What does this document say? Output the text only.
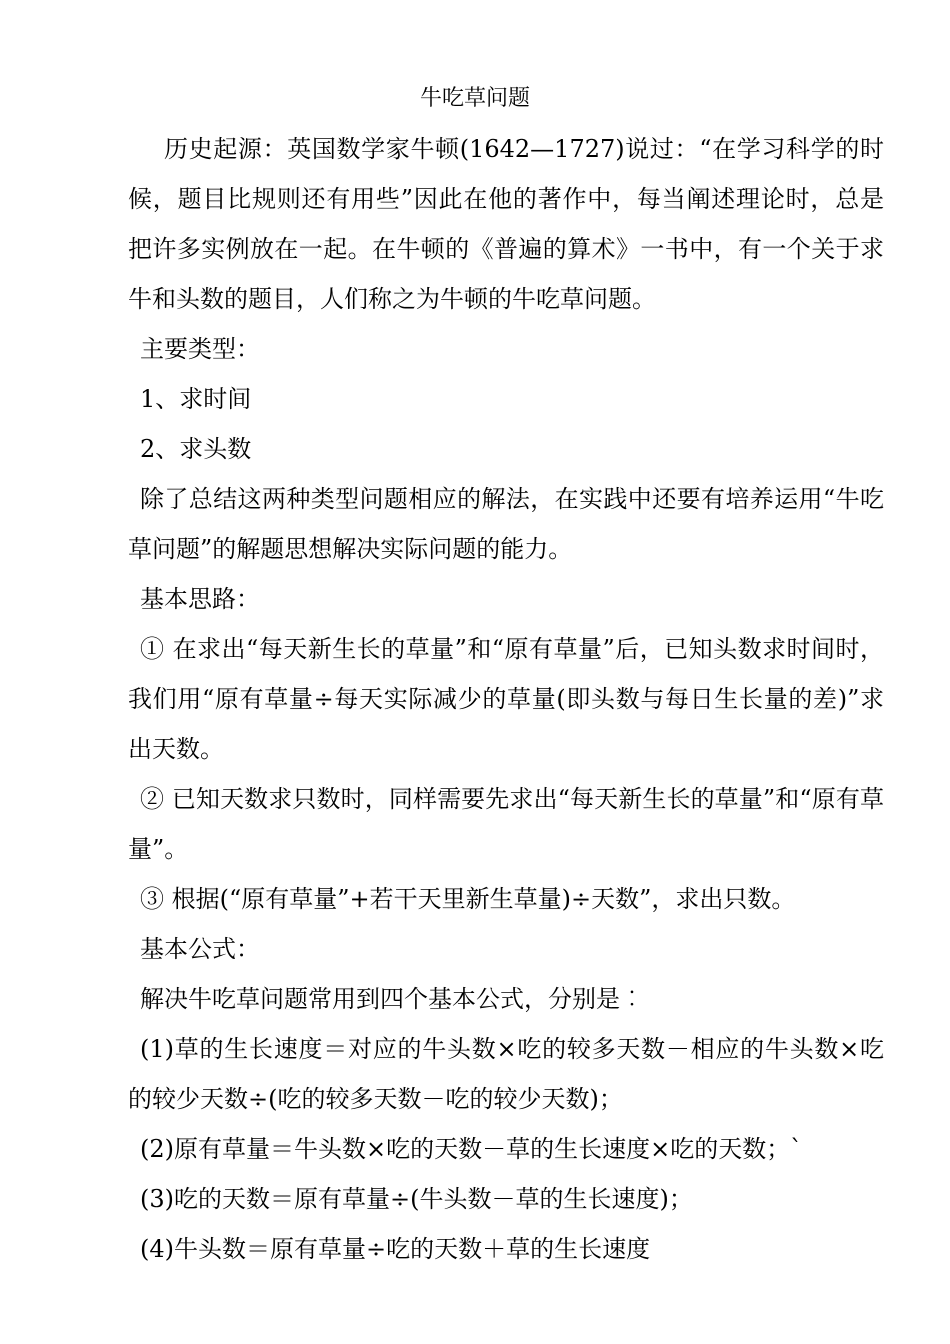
牛吃草问题

历史起源：英国数学家牛顿(1642—1727)说过：“在学习科学的时候，题目比规则还有用些”因此在他的著作中，每当阐述理论时，总是把许多实例放在一起。在牛顿的《普遍的算术》一书中，有一个关于求牛和头数的题目，人们称之为牛顿的牛吃草问题。

主要类型：

1、求时间

2、求头数

除了总结这两种类型问题相应的解法，在实践中还要有培养运用“牛吃草问题”的解题思想解决实际问题的能力。

基本思路：

① 在求出“每天新生长的草量”和“原有草量”后，已知头数求时间时，我们用“原有草量÷每天实际减少的草量(即头数与每日生长量的差)”求出天数。

② 已知天数求只数时，同样需要先求出“每天新生长的草量”和“原有草量”。

③ 根据(“原有草量”+若干天里新生草量)÷天数”，求出只数。

基本公式：

解决牛吃草问题常用到四个基本公式，分别是︰

(1)草的生长速度＝对应的牛头数×吃的较多天数－相应的牛头数×吃的较少天数÷(吃的较多天数－吃的较少天数)；

(2)原有草量＝牛头数×吃的天数－草的生长速度×吃的天数；`

(3)吃的天数＝原有草量÷(牛头数－草的生长速度)；

(4)牛头数＝原有草量÷吃的天数＋草的生长速度
